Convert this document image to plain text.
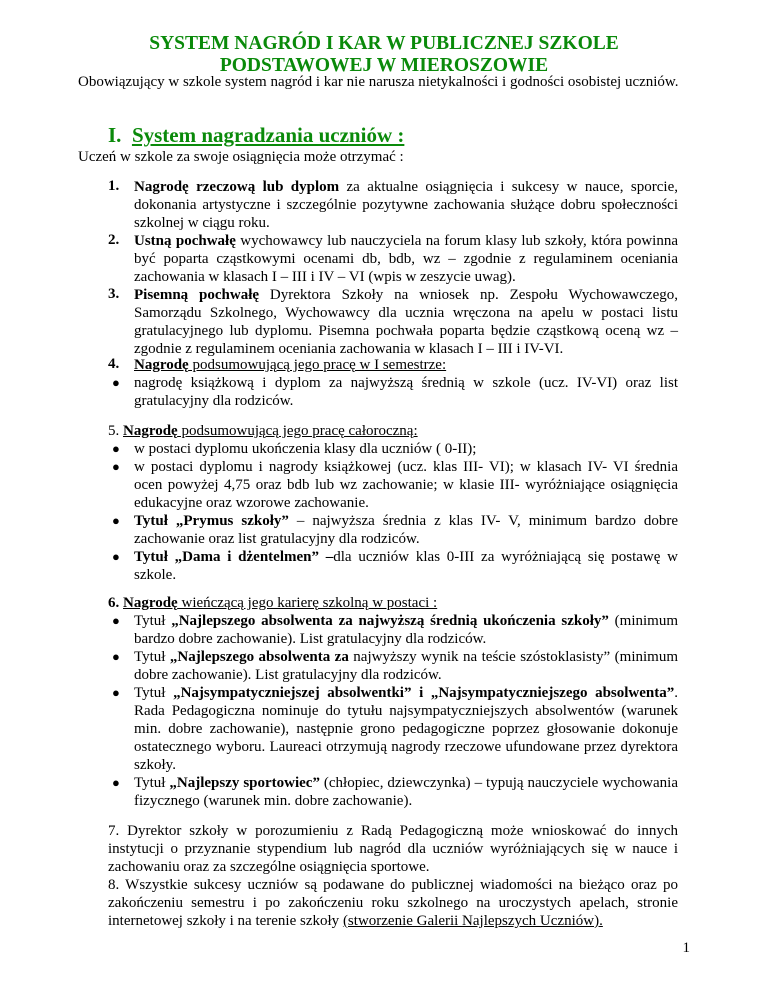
SYSTEM NAGRÓD I KAR W PUBLICZNEJ SZKOLE
PODSTAWOWEJ W MIEROSZOWIE
Obowiązujący w szkole system nagród i kar nie narusza nietykalności i godności osobistej uczniów.
I. System nagradzania uczniów :
Uczeń w szkole za swoje osiągnięcia może otrzymać :
1. Nagrodę rzeczową lub dyplom za aktualne osiągnięcia i sukcesy w nauce, sporcie, dokonania artystyczne i szczególnie pozytywne zachowania służące dobru społeczności szkolnej w ciągu roku.
2. Ustną pochwałę wychowawcy lub nauczyciela na forum klasy lub szkoły, która powinna być poparta cząstkowymi ocenami db, bdb, wz – zgodnie z regulaminem oceniania zachowania w klasach I – III i IV – VI (wpis w zeszycie uwag).
3. Pisemną pochwałę Dyrektora Szkoły na wniosek np. Zespołu Wychowawczego, Samorządu Szkolnego, Wychowawcy dla ucznia wręczona na apelu w postaci listu gratulacyjnego lub dyplomu. Pisemna pochwała poparta będzie cząstkową oceną wz – zgodnie z regulaminem oceniania zachowania w klasach I – III i IV-VI.
4. Nagrodę podsumowującą jego pracę w I semestrze:
● nagrodę książkową i dyplom za najwyższą średnią w szkole (ucz. IV-VI) oraz list gratulacyjny dla rodziców.
5. Nagrodę podsumowującą jego pracę całoroczną:
● w postaci dyplomu ukończenia klasy dla uczniów ( 0-II);
● w postaci dyplomu i nagrody książkowej (ucz. klas III- VI); w klasach IV- VI średnia ocen powyżej 4,75 oraz bdb lub wz zachowanie; w klasie III- wyróżniające osiągnięcia edukacyjne oraz wzorowe zachowanie.
● Tytuł „Prymus szkoły” – najwyższa średnia z klas IV- V, minimum bardzo dobre zachowanie oraz list gratulacyjny dla rodziców.
● Tytuł „Dama i dżentelmen” –dla uczniów klas 0-III za wyróżniającą się postawę w szkole.
6. Nagrodę wieńczącą jego karierę szkolną w postaci :
● Tytuł „Najlepszego absolwenta za najwyższą średnią ukończenia szkoły” (minimum bardzo dobre zachowanie). List gratulacyjny dla rodziców.
● Tytuł „Najlepszego absolwenta za najwyższy wynik na teście szóstoklasisty” (minimum dobre zachowanie). List gratulacyjny dla rodziców.
● Tytuł „Najsympatyczniejszej absolwentki” i „Najsympatyczniejszego absolwenta”. Rada Pedagogiczna nominuje do tytułu najsympatyczniejszych absolwentów (warunek min. dobre zachowanie), następnie grono pedagogiczne poprzez głosowanie dokonuje ostatecznego wyboru. Laureaci otrzymują nagrody rzeczowe ufundowane przez dyrektora szkoły.
● Tytuł „Najlepszy sportowiec” (chłopiec, dziewczynka) – typują nauczyciele wychowania fizycznego (warunek min. dobre zachowanie).
7. Dyrektor szkoły w porozumieniu z Radą Pedagogiczną może wnioskować do innych instytucji o przyznanie stypendium lub nagród dla uczniów wyróżniających się w nauce i zachowaniu oraz za szczególne osiągnięcia sportowe.
8. Wszystkie sukcesy uczniów są podawane do publicznej wiadomości na bieżąco oraz po zakończeniu semestru i po zakończeniu roku szkolnego na uroczystych apelach, stronie internetowej szkoły i na terenie szkoły (stworzenie Galerii Najlepszych Uczniów).
1
